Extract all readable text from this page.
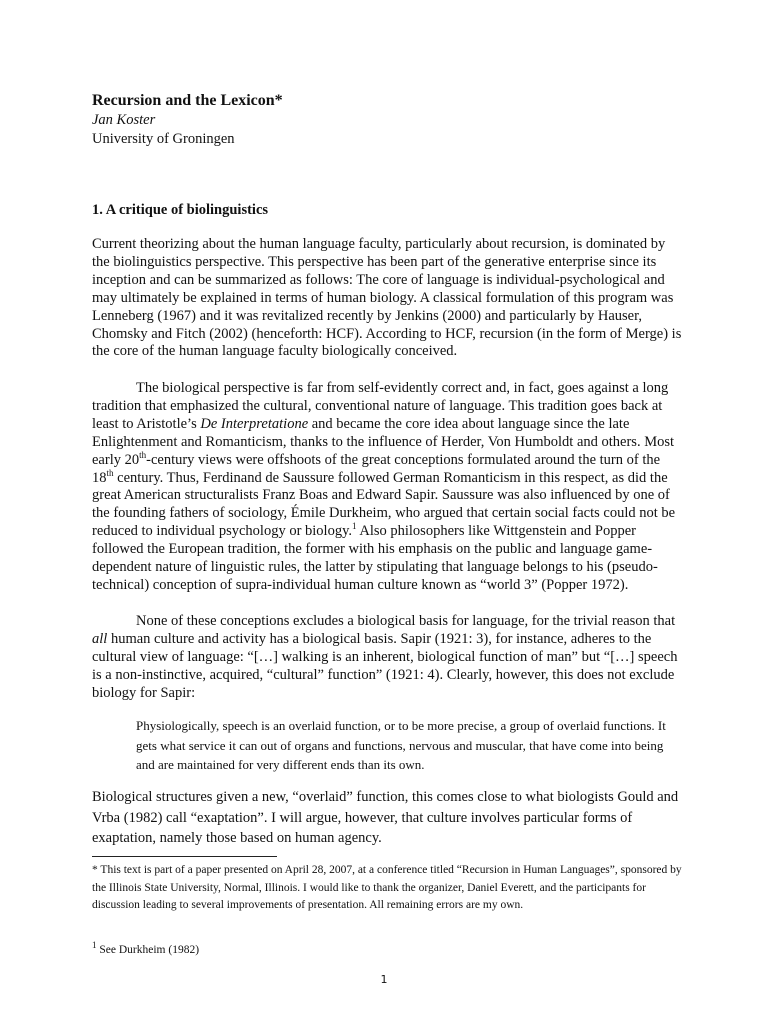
Recursion and the Lexicon*
Jan Koster
University of Groningen
1. A critique of biolinguistics

Current theorizing about the human language faculty, particularly about recursion, is dominated by the biolinguistics perspective. This perspective has been part of the generative enterprise since its inception and can be summarized as follows: The core of language is individual-psychological and may ultimately be explained in terms of human biology. A classical formulation of this program was Lenneberg (1967) and it was revitalized recently by Jenkins (2000) and particularly by Hauser, Chomsky and Fitch (2002) (henceforth: HCF). According to HCF, recursion (in the form of Merge) is the core of the human language faculty biologically conceived.

The biological perspective is far from self-evidently correct and, in fact, goes against a long tradition that emphasized the cultural, conventional nature of language. This tradition goes back at least to Aristotle’s De Interpretatione and became the core idea about language since the late Enlightenment and Romanticism, thanks to the influence of Herder, Von Humboldt and others. Most early 20th-century views were offshoots of the great conceptions formulated around the turn of the 18th century. Thus, Ferdinand de Saussure followed German Romanticism in this respect, as did the great American structuralists Franz Boas and Edward Sapir. Saussure was also influenced by one of the founding fathers of sociology, Émile Durkheim, who argued that certain social facts could not be reduced to individual psychology or biology.$^1$ Also philosophers like Wittgenstein and Popper followed the European tradition, the former with his emphasis on the public and language game-dependent nature of linguistic rules, the latter by stipulating that language belongs to his (pseudo-technical) conception of supra-individual human culture known as “world 3” (Popper 1972).

None of these conceptions excludes a biological basis for language, for the trivial reason that all human culture and activity has a biological basis. Sapir (1921: 3), for instance, adheres to the cultural view of language: “[…] walking is an inherent, biological function of man” but “[…] speech is a non-instinctive, acquired, “cultural” function” (1921: 4). Clearly, however, this does not exclude biology for Sapir:

Physiologically, speech is an overlaid function, or to be more precise, a group of overlaid functions. It gets what service it can out of organs and functions, nervous and muscular, that have come into being and are maintained for very different ends than its own.

Biological structures given a new, “overlaid” function, this comes close to what biologists Gould and Vrba (1982) call “exaptation”. I will argue, however, that culture involves particular forms of exaptation, namely those based on human agency.

* This text is part of a paper presented on April 28, 2007, at a conference titled “Recursion in Human Languages”, sponsored by the Illinois State University, Normal, Illinois. I would like to thank the organizer, Daniel Everett, and the participants for discussion leading to several improvements of presentation. All remaining errors are my own.

$^1$ See Durkheim (1982)

1
